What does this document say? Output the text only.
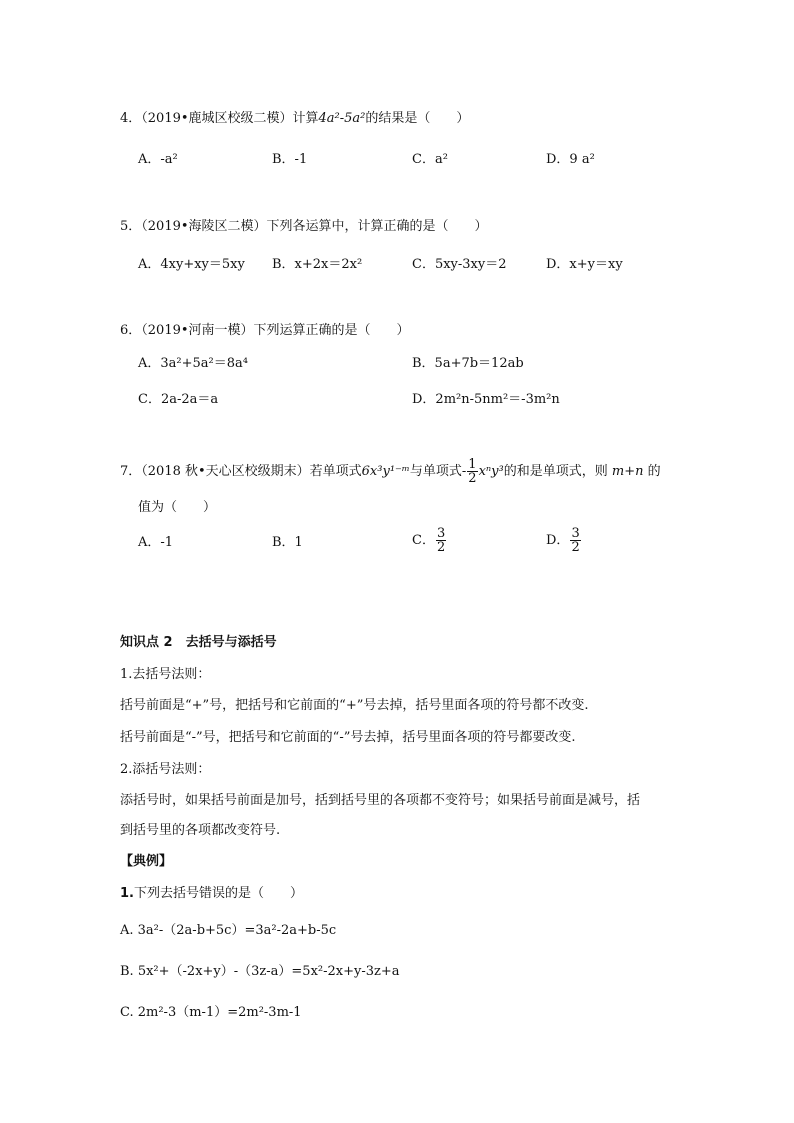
4．（2019•鹿城区校级二模）计算4a²-5a²的结果是（　　）
A．-a²	B．-1	C．a²	D．9 a²
5．（2019•海陵区二模）下列各运算中，计算正确的是（　　）
A．4xy+xy＝5xy B．x+2x＝2x²	C．5xy-3xy＝2	D．x+y＝xy
6．（2019•河南一模）下列运算正确的是（　　）
A．3a²+5a²＝8a⁴	B．5a+7b＝12ab
C．2a-2a＝a	D．2m²n-5nm²＝-3m²n
7．（2018 秋•天心区校级期末）若单项式6x³y¹⁻ᵐ与单项式- $\frac{1}{2} x^ny^3$的和是单项式，则 m+n 的
值为（　　）
A．-1	B．1	C． $\frac{3}{2}$	D． $\frac{3}{2}$
知识点 2　去括号与添括号
1.去括号法则：
括号前面是“+”号，把括号和它前面的“+”号去掉，括号里面各项的符号都不改变.
括号前面是“-”号，把括号和它前面的“-”号去掉，括号里面各项的符号都要改变.
2.添括号法则：
添括号时，如果括号前面是加号，括到括号里的各项都不变符号；如果括号前面是减号，括
到括号里的各项都改变符号.
【典例】
1.下列去括号错误的是（　　）
A. 3a²-（2a-b+5c）=3a²-2a+b-5c
B. 5x²+（-2x+y）-（3z-a）=5x²-2x+y-3z+a
C. 2m²-3（m-1）=2m²-3m-1
